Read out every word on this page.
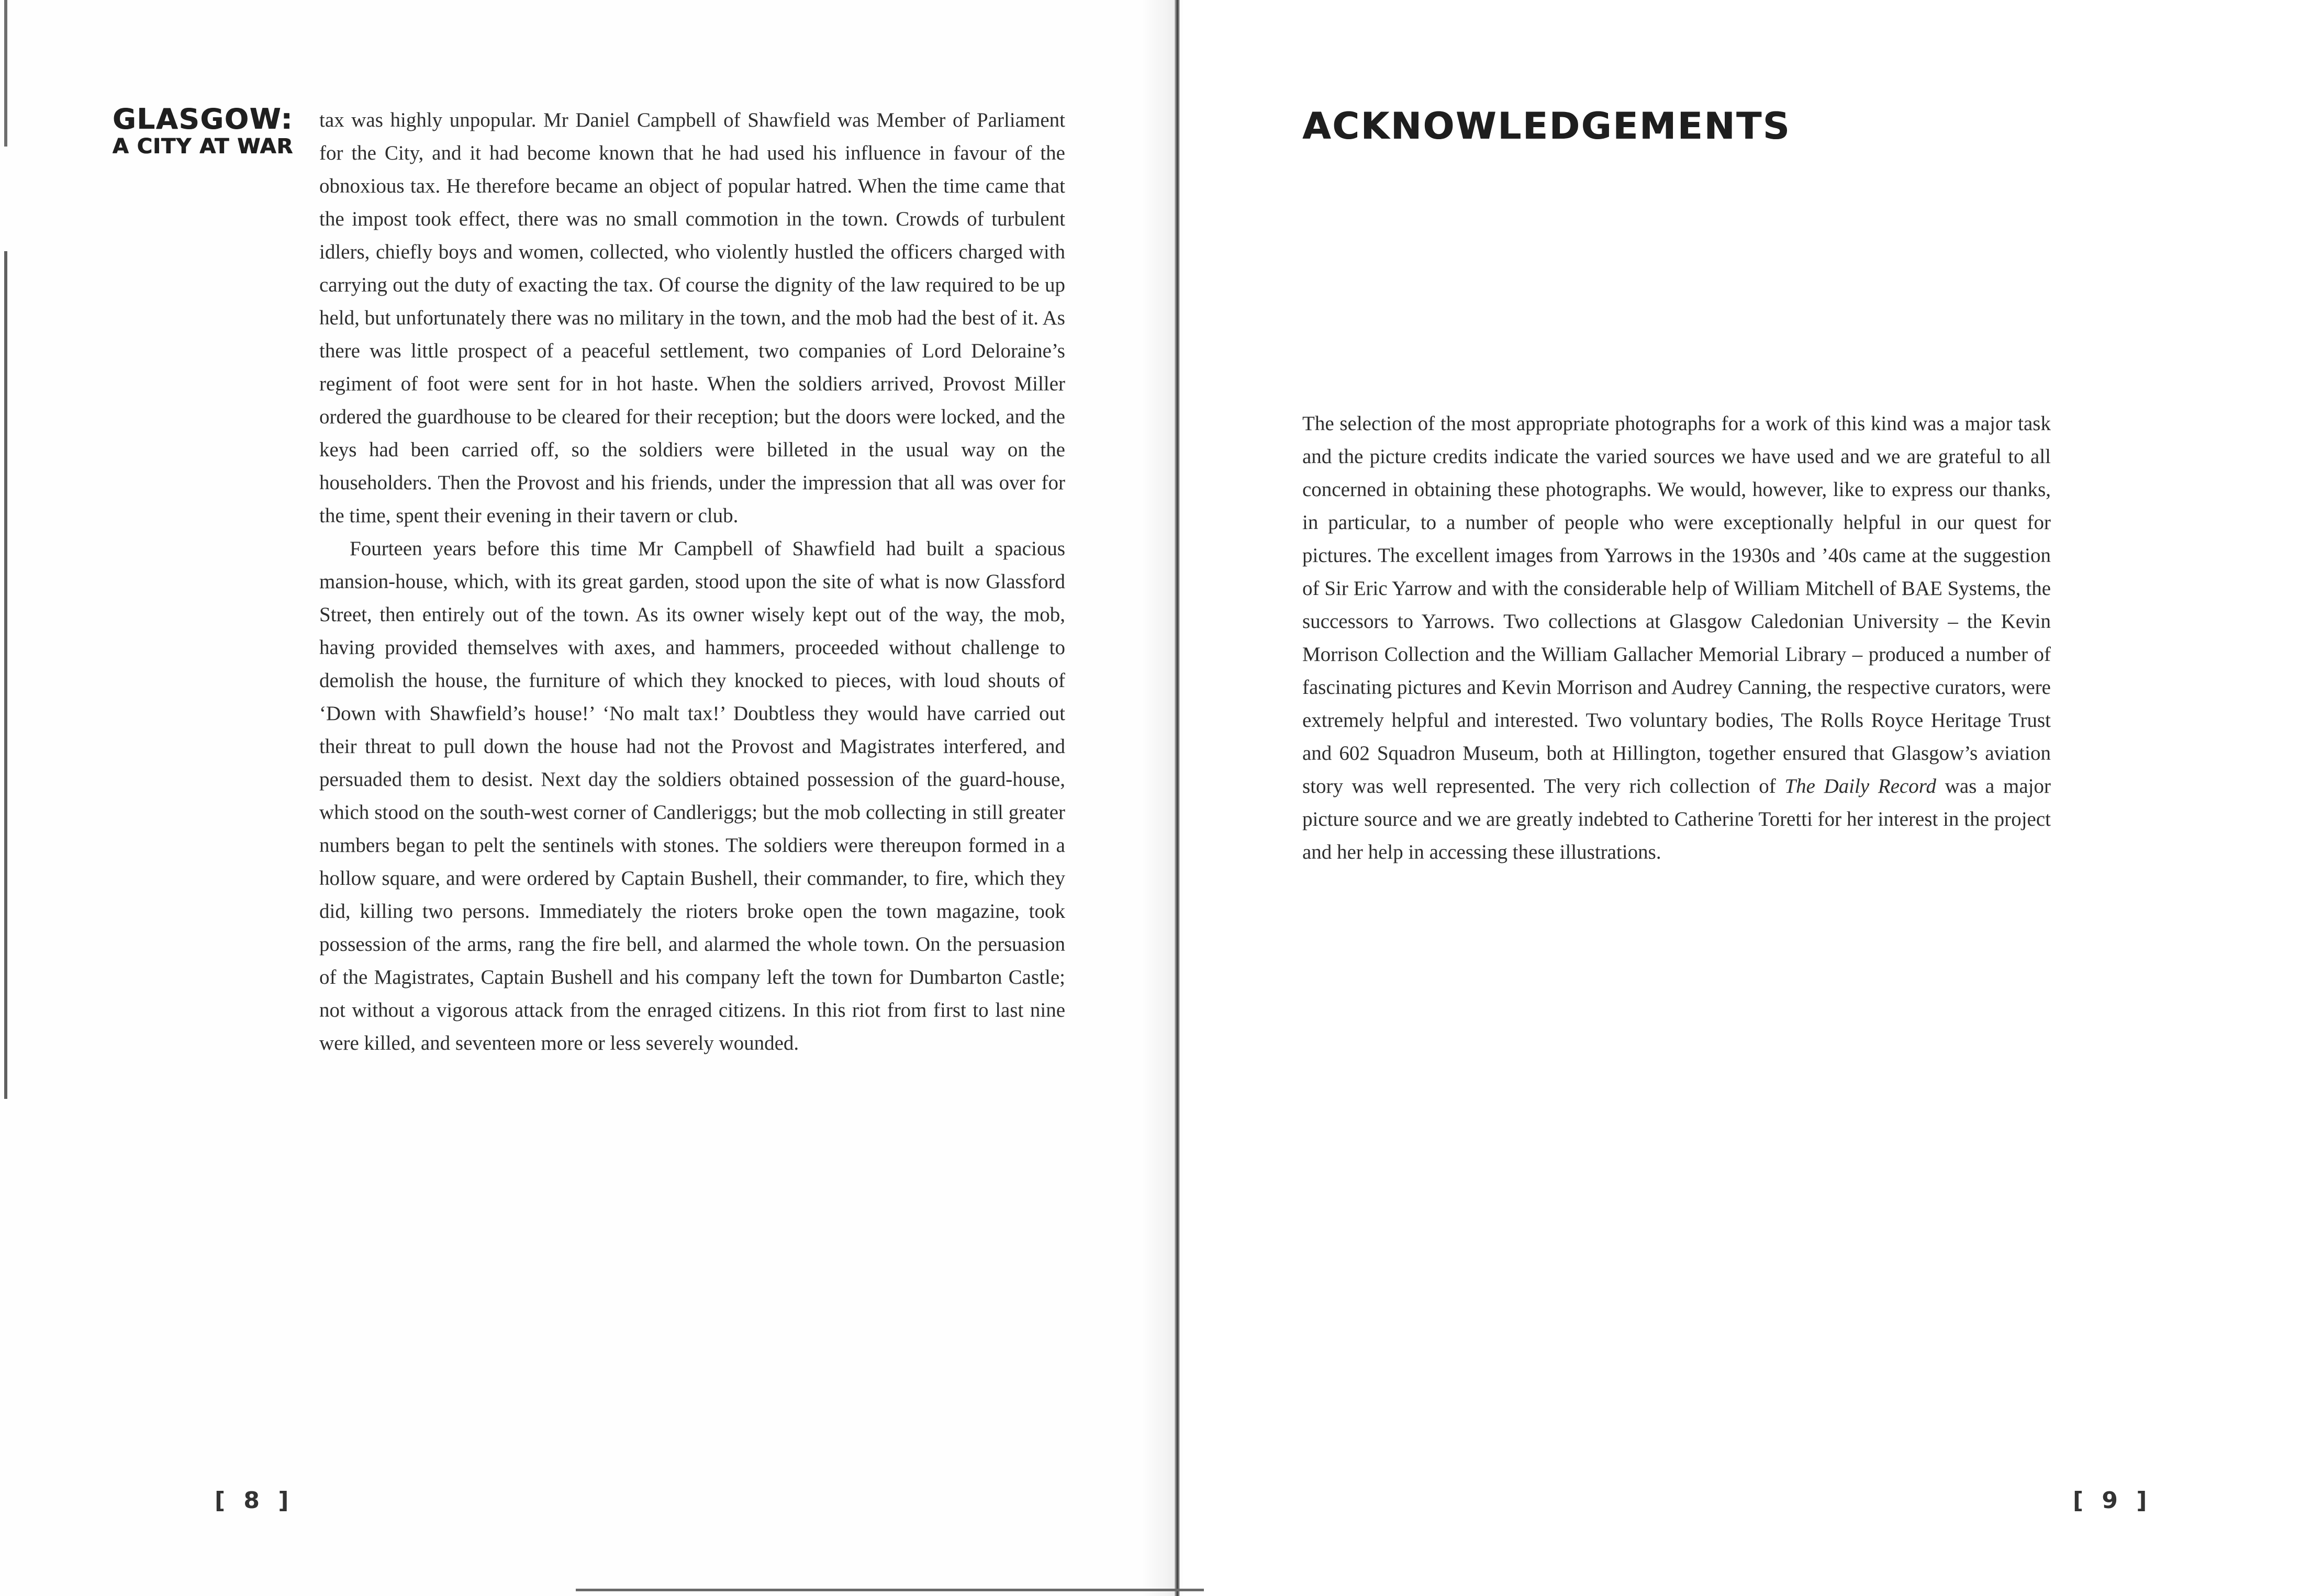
GLASGOW:
A CITY AT WAR

tax was highly unpopular. Mr Daniel Campbell of Shawfield was Member of Parliament for the City, and it had become known that he had used his influence in favour of the obnoxious tax. He therefore became an object of popular hatred. When the time came that the impost took effect, there was no small commotion in the town. Crowds of turbulent idlers, chiefly boys and women, collected, who violently hustled the officers charged with carrying out the duty of exacting the tax. Of course the dignity of the law required to be up held, but unfortunately there was no military in the town, and the mob had the best of it. As there was little prospect of a peaceful settlement, two companies of Lord Deloraine’s regiment of foot were sent for in hot haste. When the soldiers arrived, Provost Miller ordered the guardhouse to be cleared for their reception; but the doors were locked, and the keys had been carried off, so the soldiers were billeted in the usual way on the householders. Then the Provost and his friends, under the impression that all was over for the time, spent their evening in their tavern or club.

Fourteen years before this time Mr Campbell of Shawfield had built a spacious mansion-house, which, with its great garden, stood upon the site of what is now Glassford Street, then entirely out of the town. As its owner wisely kept out of the way, the mob, having provided themselves with axes, and hammers, proceeded without challenge to demolish the house, the furniture of which they knocked to pieces, with loud shouts of ‘Down with Shawfield’s house!’ ‘No malt tax!’ Doubtless they would have carried out their threat to pull down the house had not the Provost and Magistrates interfered, and persuaded them to desist. Next day the soldiers obtained possession of the guard-house, which stood on the south-west corner of Candleriggs; but the mob collecting in still greater numbers began to pelt the sentinels with stones. The soldiers were thereupon formed in a hollow square, and were ordered by Captain Bushell, their commander, to fire, which they did, killing two persons. Immediately the rioters broke open the town magazine, took possession of the arms, rang the fire bell, and alarmed the whole town. On the persuasion of the Magistrates, Captain Bushell and his company left the town for Dumbarton Castle; not without a vigorous attack from the enraged citizens. In this riot from first to last nine were killed, and seventeen more or less severely wounded.

[ 8 ]
ACKNOWLEDGEMENTS

The selection of the most appropriate photographs for a work of this kind was a major task and the picture credits indicate the varied sources we have used and we are grateful to all concerned in obtaining these photographs. We would, however, like to express our thanks, in particular, to a number of people who were exceptionally helpful in our quest for pictures. The excellent images from Yarrows in the 1930s and ’40s came at the suggestion of Sir Eric Yarrow and with the considerable help of William Mitchell of BAE Systems, the successors to Yarrows. Two collections at Glasgow Caledonian University – the Kevin Morrison Collection and the William Gallacher Memorial Library – produced a number of fascinating pictures and Kevin Morrison and Audrey Canning, the respective curators, were extremely helpful and interested. Two voluntary bodies, The Rolls Royce Heritage Trust and 602 Squadron Museum, both at Hillington, together ensured that Glasgow’s aviation story was well represented. The very rich collection of The Daily Record was a major picture source and we are greatly indebted to Catherine Toretti for her interest in the project and her help in accessing these illustrations.

[ 9 ]
